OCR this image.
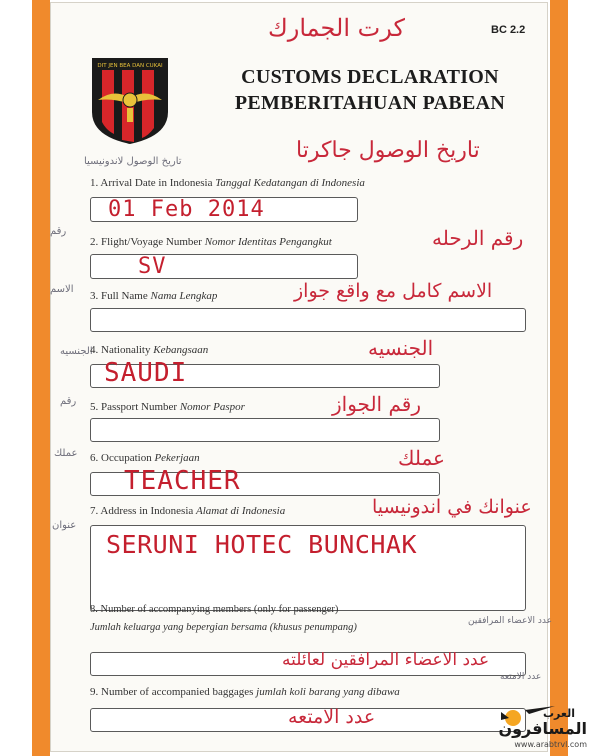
BC 2.2
كرت الجمارك
DIT JEN BEA DAN CUKAI	CUSTOMS DECLARATION
PEMBERITAHUAN PABEAN
تاريخ الوصول لاندونيسيا	تاريخ الوصول جاكرتا
1. Arrival Date in Indonesia Tanggal Kedatangan di Indonesia
01 Feb 2014
رقم	رقم الرحله
2. Flight/Voyage Number Nomor Identitas Pengangkut
SV
الاسم	الاسم كامل مع واقع جواز
3. Full Name Nama Lengkap
الجنسيه	الجنسيه
4. Nationality Kebangsaan
SAUDI
رقم	رقم الجواز
5. Passport Number Nomor Paspor
عملك	عملك
6. Occupation Pekerjaan
TEACHER
عنوان
عنوانك في اندونيسيا
7. Address in Indonesia Alamat di Indonesia
SERUNI HOTEC BUNCHAK
عدد الاعضاء المرافقين
8. Number of accompanying members (only for passenger)
Jumlah keluarga yang bepergian bersama (khusus penumpang)
عدد الاعضاء المرافقين لعائلته
عدد الامتعه
9. Number of accompanied baggages jumlah koli barang yang dibawa
عدد الامتعه
المسافرون
العرب
www.arabtrvl.com
